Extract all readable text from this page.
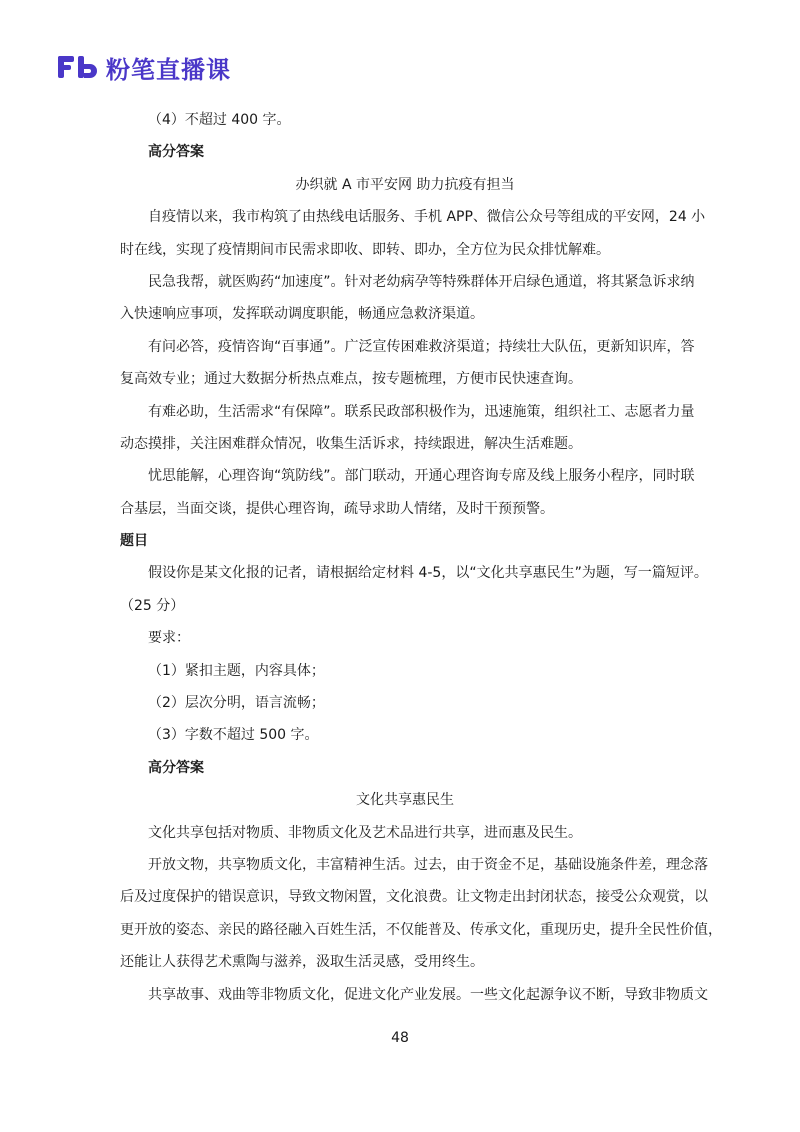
粉笔直播课
（4）不超过 400 字。
高分答案
办织就 A 市平安网 助力抗疫有担当
自疫情以来，我市构筑了由热线电话服务、手机 APP、微信公众号等组成的平安网，24 小
时在线，实现了疫情期间市民需求即收、即转、即办，全方位为民众排忧解难。
民急我帮，就医购药“加速度”。针对老幼病孕等特殊群体开启绿色通道，将其紧急诉求纳
入快速响应事项，发挥联动调度职能，畅通应急救济渠道。
有问必答，疫情咨询“百事通”。广泛宣传困难救济渠道；持续壮大队伍，更新知识库，答
复高效专业；通过大数据分析热点难点，按专题梳理，方便市民快速查询。
有难必助，生活需求“有保障”。联系民政部积极作为，迅速施策，组织社工、志愿者力量
动态摸排，关注困难群众情况，收集生活诉求，持续跟进，解决生活难题。
忧思能解，心理咨询“筑防线”。部门联动，开通心理咨询专席及线上服务小程序，同时联
合基层，当面交谈，提供心理咨询，疏导求助人情绪，及时干预预警。
题目
假设你是某文化报的记者，请根据给定材料 4-5，以“文化共享惠民生”为题，写一篇短评。
（25 分）
要求：
（1）紧扣主题，内容具体；
（2）层次分明，语言流畅；
（3）字数不超过 500 字。
高分答案
文化共享惠民生
文化共享包括对物质、非物质文化及艺术品进行共享，进而惠及民生。
开放文物，共享物质文化，丰富精神生活。过去，由于资金不足，基础设施条件差，理念落
后及过度保护的错误意识，导致文物闲置，文化浪费。让文物走出封闭状态，接受公众观赏，以
更开放的姿态、亲民的路径融入百姓生活，不仅能普及、传承文化，重现历史，提升全民性价值，
还能让人获得艺术熏陶与滋养，汲取生活灵感，受用终生。
共享故事、戏曲等非物质文化，促进文化产业发展。一些文化起源争议不断，导致非物质文
48
